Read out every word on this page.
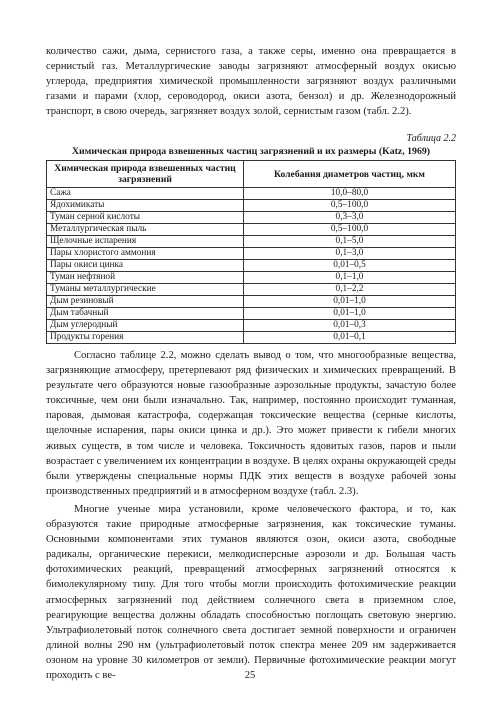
количество сажи, дыма, сернистого газа, а также серы, именно она превращается в сернистый газ. Металлургические заводы загрязняют атмосферный воздух окисью углерода, предприятия химической промышленности загрязняют воздух различными газами и парами (хлор, сероводород, окиси азота, бензол) и др. Железнодорожный транспорт, в свою очередь, загрязняет воздух золой, сернистым газом (табл. 2.2).

Таблица 2.2
Химическая природа взвешенных частиц загрязнений и их размеры (Katz, 1969)
Химическая природа взвешенных частиц загрязнений	Колебания диаметров частиц, мкм
Сажа	10,0–80,0
Ядохимикаты	0,5–100,0
Туман серной кислоты	0,3–3,0
Металлургическая пыль	0,5–100,0
Щелочные испарения	0,1–5,0
Пары хлористого аммония	0,1–3,0
Пары окиси цинка	0,01–0,5
Туман нефтяной	0,1–1,0
Туманы металлургические	0,1–2,2
Дым резиновый	0,01–1,0
Дым табачный	0,01–1,0
Дым углеродный	0,01–0,3
Продукты горения	0,01–0,1

Согласно таблице 2.2, можно сделать вывод о том, что многообразные вещества, загрязняющие атмосферу, претерпевают ряд физических и химических превращений. В результате чего образуются новые газообразные аэрозольные продукты, зачастую более токсичные, чем они были изначально. Так, например, постоянно происходит туманная, паровая, дымовая катастрофа, содержащая токсические вещества (серные кислоты, щелочные испарения, пары окиси цинка и др.). Это может привести к гибели многих живых существ, в том числе и человека. Токсичность ядовитых газов, паров и пыли возрастает с увеличением их концентрации в воздухе. В целях охраны окружающей среды были утверждены специальные нормы ПДК этих веществ в воздухе рабочей зоны производственных предприятий и в атмосферном воздухе (табл. 2.3).

Многие ученые мира установили, кроме человеческого фактора, и то, как образуются такие природные атмосферные загрязнения, как токсические туманы. Основными компонентами этих туманов являются озон, окиси азота, свободные радикалы, органические перекиси, мелкодисперсные аэрозоли и др. Большая часть фотохимических реакций, превращений атмосферных загрязнений относятся к бимолекулярному типу. Для того чтобы могли происходить фотохимические реакции атмосферных загрязнений под действием солнечного света в приземном слое, реагирующие вещества должны обладать способностью поглощать световую энергию. Ультрафиолетовый поток солнечного света достигает земной поверхности и ограничен длиной волны 290 нм (ультрафиолетовый поток спектра менее 209 нм задерживается озоном на уровне 30 километров от земли). Первичные фотохимические реакции могут проходить с ве-	25
